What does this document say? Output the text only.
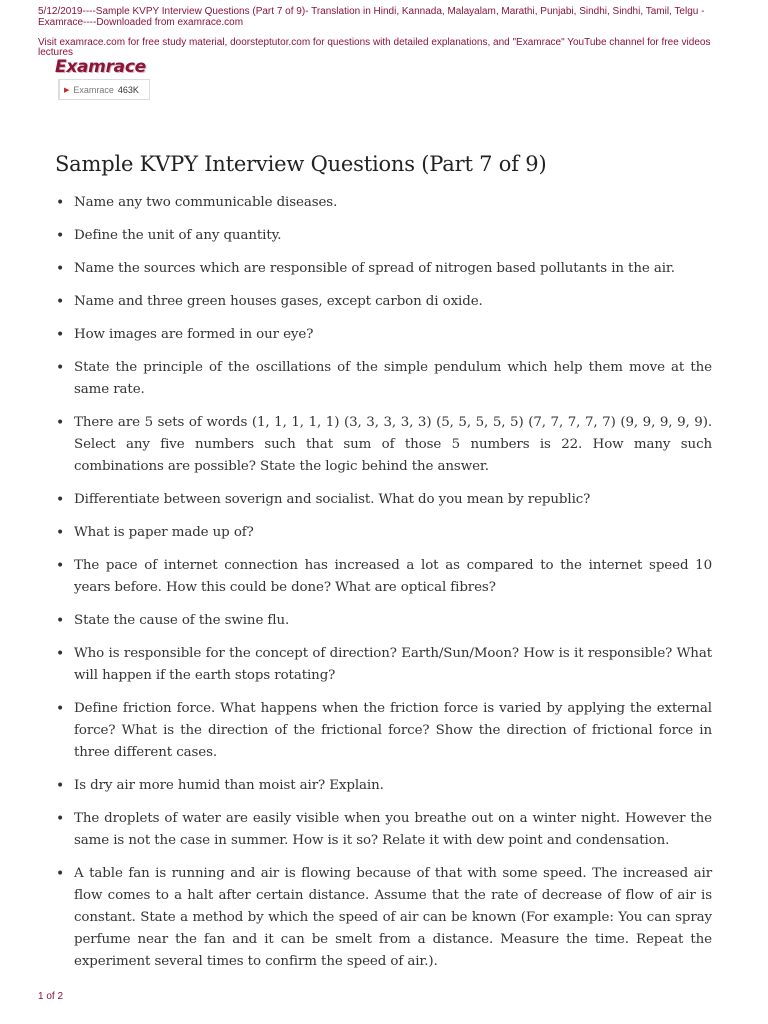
5/12/2019----Sample KVPY Interview Questions (Part 7 of 9)- Translation in Hindi, Kannada, Malayalam, Marathi, Punjabi, Sindhi, Sindhi, Tamil, Telgu - Examrace----Downloaded from examrace.com
Visit examrace.com for free study material, doorsteptutor.com for questions with detailed explanations, and "Examrace" YouTube channel for free videos lectures
Examrace
▶ Examrace 463K
Sample KVPY Interview Questions (Part 7 of 9)
• Name any two communicable diseases.
• Define the unit of any quantity.
• Name the sources which are responsible of spread of nitrogen based pollutants in the air.
• Name and three green houses gases, except carbon di oxide.
• How images are formed in our eye?
• State the principle of the oscillations of the simple pendulum which help them move at the same rate.
• There are 5 sets of words (1, 1, 1, 1, 1) (3, 3, 3, 3, 3) (5, 5, 5, 5, 5) (7, 7, 7, 7, 7) (9, 9, 9, 9, 9). Select any five numbers such that sum of those 5 numbers is 22. How many such combinations are possible? State the logic behind the answer.
• Differentiate between soverign and socialist. What do you mean by republic?
• What is paper made up of?
• The pace of internet connection has increased a lot as compared to the internet speed 10 years before. How this could be done? What are optical fibres?
• State the cause of the swine flu.
• Who is responsible for the concept of direction? Earth/Sun/Moon? How is it responsible? What will happen if the earth stops rotating?
• Define friction force. What happens when the friction force is varied by applying the external force? What is the direction of the frictional force? Show the direction of frictional force in three different cases.
• Is dry air more humid than moist air? Explain.
• The droplets of water are easily visible when you breathe out on a winter night. However the same is not the case in summer. How is it so? Relate it with dew point and condensation.
• A table fan is running and air is flowing because of that with some speed. The increased air flow comes to a halt after certain distance. Assume that the rate of decrease of flow of air is constant. State a method by which the speed of air can be known (For example: You can spray perfume near the fan and it can be smelt from a distance. Measure the time. Repeat the experiment several times to confirm the speed of air.).
1 of 2
